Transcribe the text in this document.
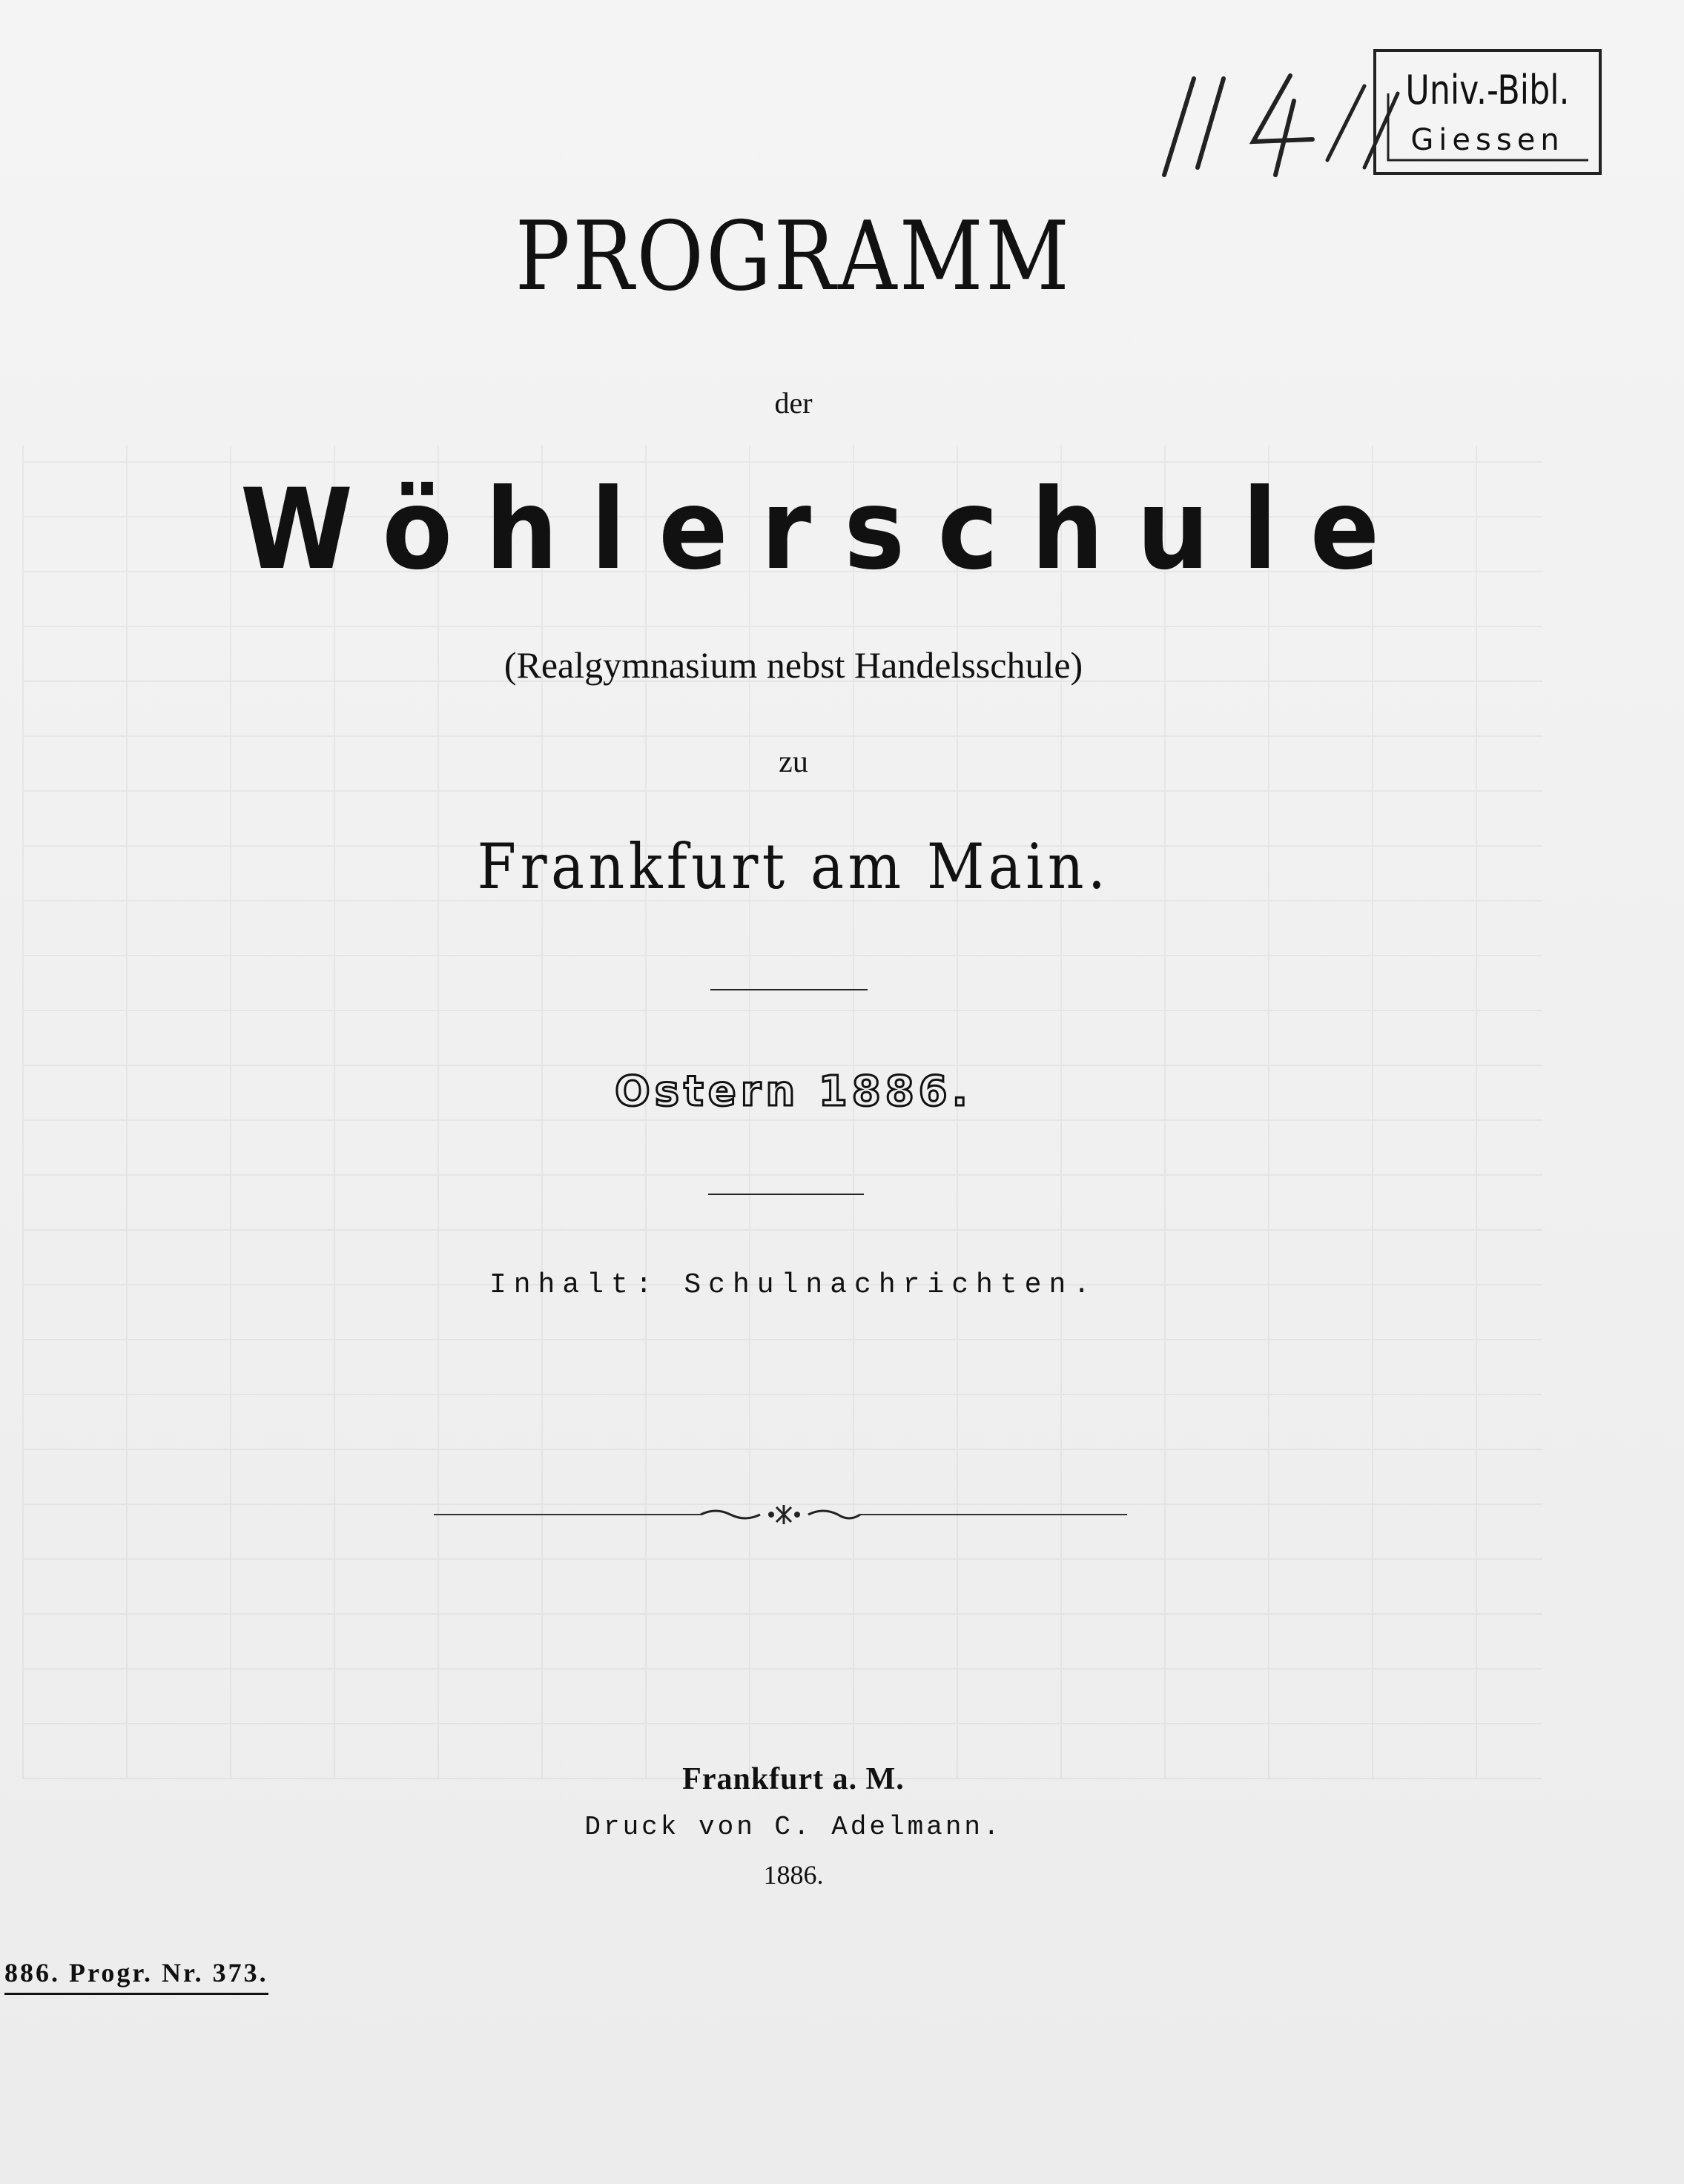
Univ.-Bibl.
Giessen
PROGRAMM
der
Wöhlerschule
(Realgymnasium nebst Handelsschule)
zu
Frankfurt am Main.
Ostern 1886.
Inhalt: Schulnachrichten.
Frankfurt a. M.
Druck von C. Adelmann.
1886.
886. Progr. Nr. 373.
